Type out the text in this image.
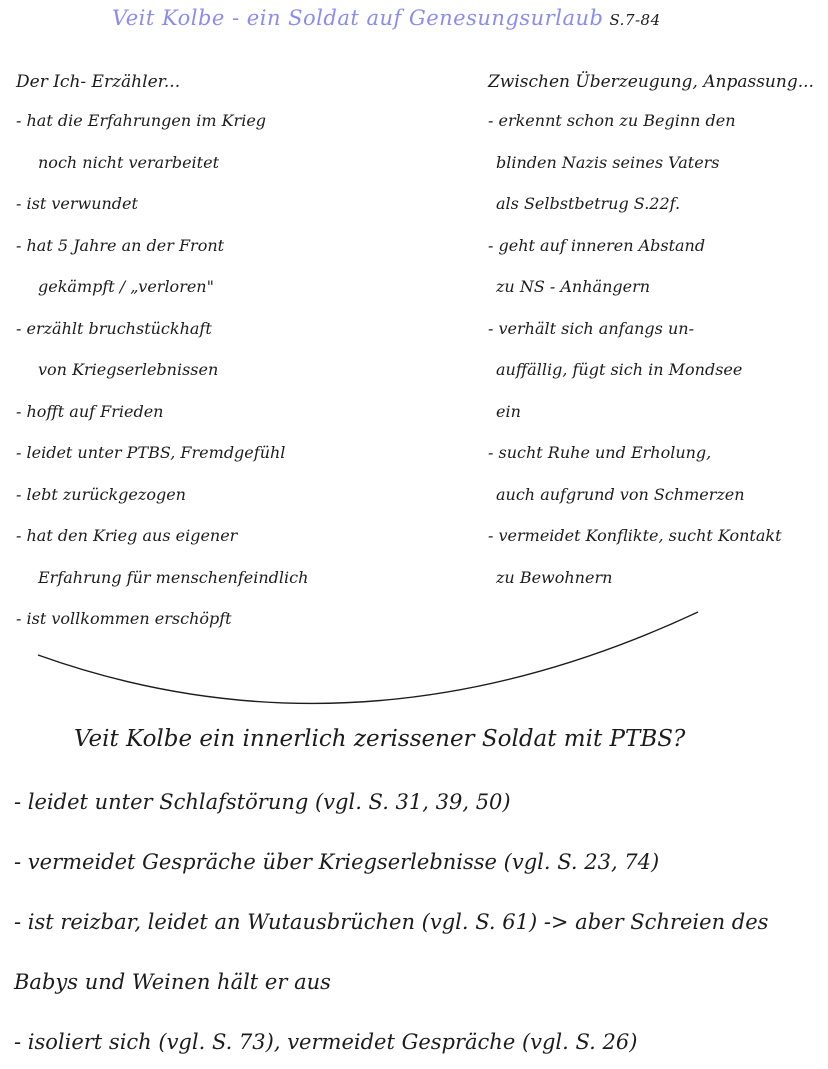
Veit Kolbe - ein Soldat auf Genesungsurlaub S.7-84
Der Ich- Erzähler...
- hat die Erfahrungen im Krieg
noch nicht verarbeitet
- ist verwundet
- hat 5 Jahre an der Front
gekämpft / „verloren"
- erzählt bruchstückhaft
von Kriegserlebnissen
- hofft auf Frieden
- leidet unter PTBS, Fremdgefühl
- lebt zurückgezogen
- hat den Krieg aus eigener
Erfahrung für menschenfeindlich
- ist vollkommen erschöpft
Zwischen Überzeugung, Anpassung...
- erkennt schon zu Beginn den
blinden Nazis seines Vaters
als Selbstbetrug S.22f.
- geht auf inneren Abstand
zu NS - Anhängern
- verhält sich anfangs un-
auffällig, fügt sich in Mondsee
ein
- sucht Ruhe und Erholung,
auch aufgrund von Schmerzen
- vermeidet Konflikte, sucht Kontakt
zu Bewohnern
Veit Kolbe ein innerlich zerissener Soldat mit PTBS?
- leidet unter Schlafstörung (vgl. S. 31, 39, 50)
- vermeidet Gespräche über Kriegserlebnisse (vgl. S. 23, 74)
- ist reizbar, leidet an Wutausbrüchen (vgl. S. 61) -> aber Schreien des
Babys und Weinen hält er aus
- isoliert sich (vgl. S. 73), vermeidet Gespräche (vgl. S. 26)
